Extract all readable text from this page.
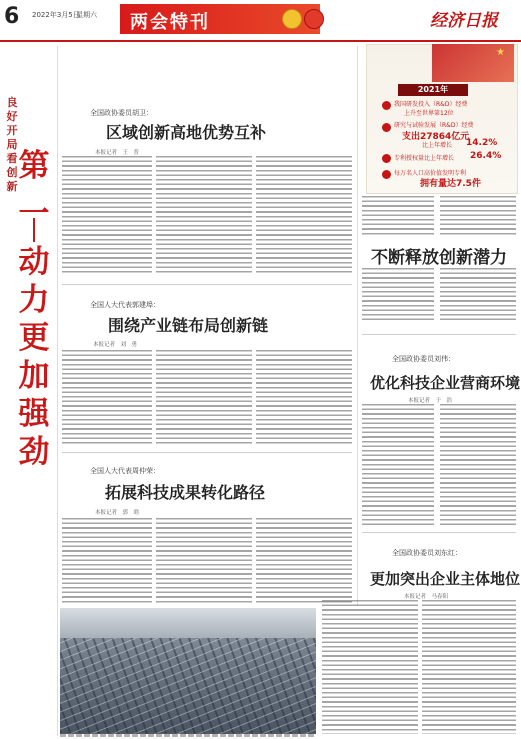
6 2022年3月5日
星期六 两会特刊	经济日报
良
好
开
局
看
创
新
第
一
动
力
更
加
强
劲
全国政协委员胡卫：
区域创新高地优势互补
本报记者　王　普
全国人大代表郭建埠：
围绕产业链布局创新链
本报记者　刘　勇
全国人大代表周仲荣：
拓展科技成果转化路径
本报记者　郭　晗
★
2021年
我国研发投入（R&D）经费
上升至世界第12位
研究与试验发展（R&D）经费
支出27864亿元
比上年增长 14.2%
专利授权量比上年增长 26.4%
每万名人口高价值发明专利
拥有量达7.5件
不断释放创新潜力
全国政协委员刘伟：
优化科技企业营商环境
本报记者　于　浩
全国政协委员刘东红：
更加突出企业主体地位
本报记者　马春阳
